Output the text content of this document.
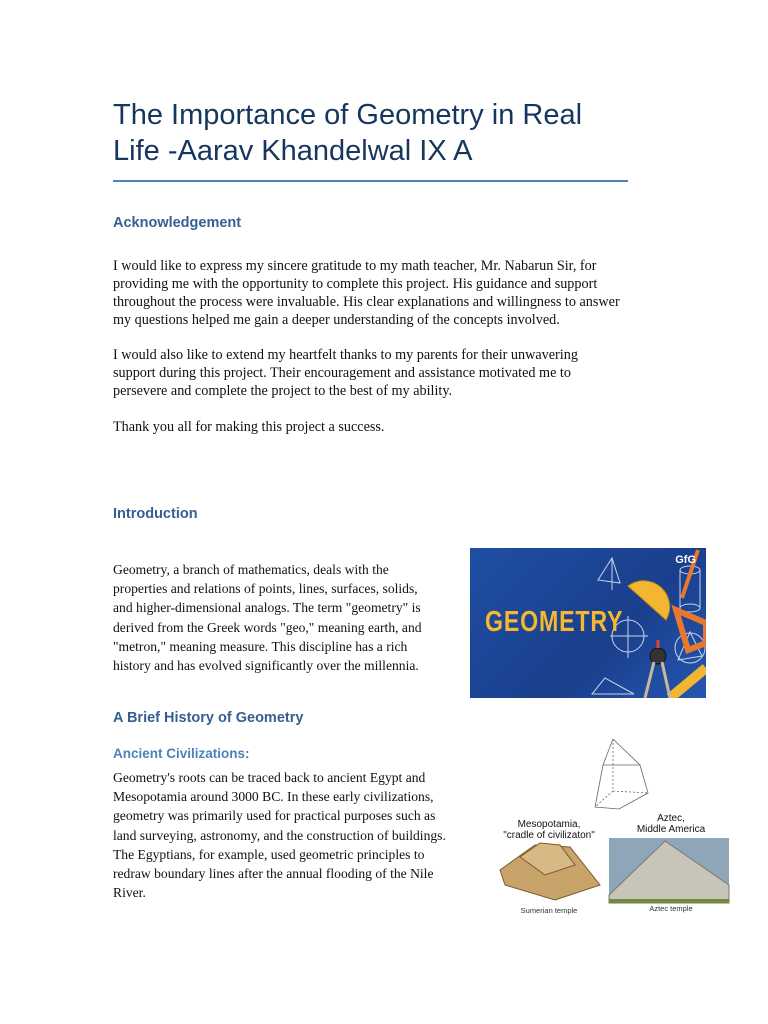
The Importance of Geometry in Real
Life -Aarav Khandelwal IX A
Acknowledgement
I would like to express my sincere gratitude to my math teacher, Mr. Nabarun Sir, for
providing me with the opportunity to complete this project. His guidance and support
throughout the process were invaluable. His clear explanations and willingness to answer
my questions helped me gain a deeper understanding of the concepts involved.
I would also like to extend my heartfelt thanks to my parents for their unwavering
support during this project. Their encouragement and assistance motivated me to
persevere and complete the project to the best of my ability.
Thank you all for making this project a success.
Introduction
Geometry, a branch of mathematics, deals with the
properties and relations of points, lines, surfaces, solids,
and higher-dimensional analogs. The term "geometry" is
derived from the Greek words "geo," meaning earth, and
"metron," meaning measure. This discipline has a rich
history and has evolved significantly over the millennia.
GEOMETRY
GfG
A Brief History of Geometry
Ancient Civilizations:
Geometry's roots can be traced back to ancient Egypt and
Mesopotamia around 3000 BC. In these early civilizations,
geometry was primarily used for practical purposes such as
land surveying, astronomy, and the construction of buildings.
The Egyptians, for example, used geometric principles to
redraw boundary lines after the annual flooding of the Nile
River.
Mesopotamia,
"cradle of civilizaton"
Aztec,
Middle America
Sumerian temple	Aztec temple
